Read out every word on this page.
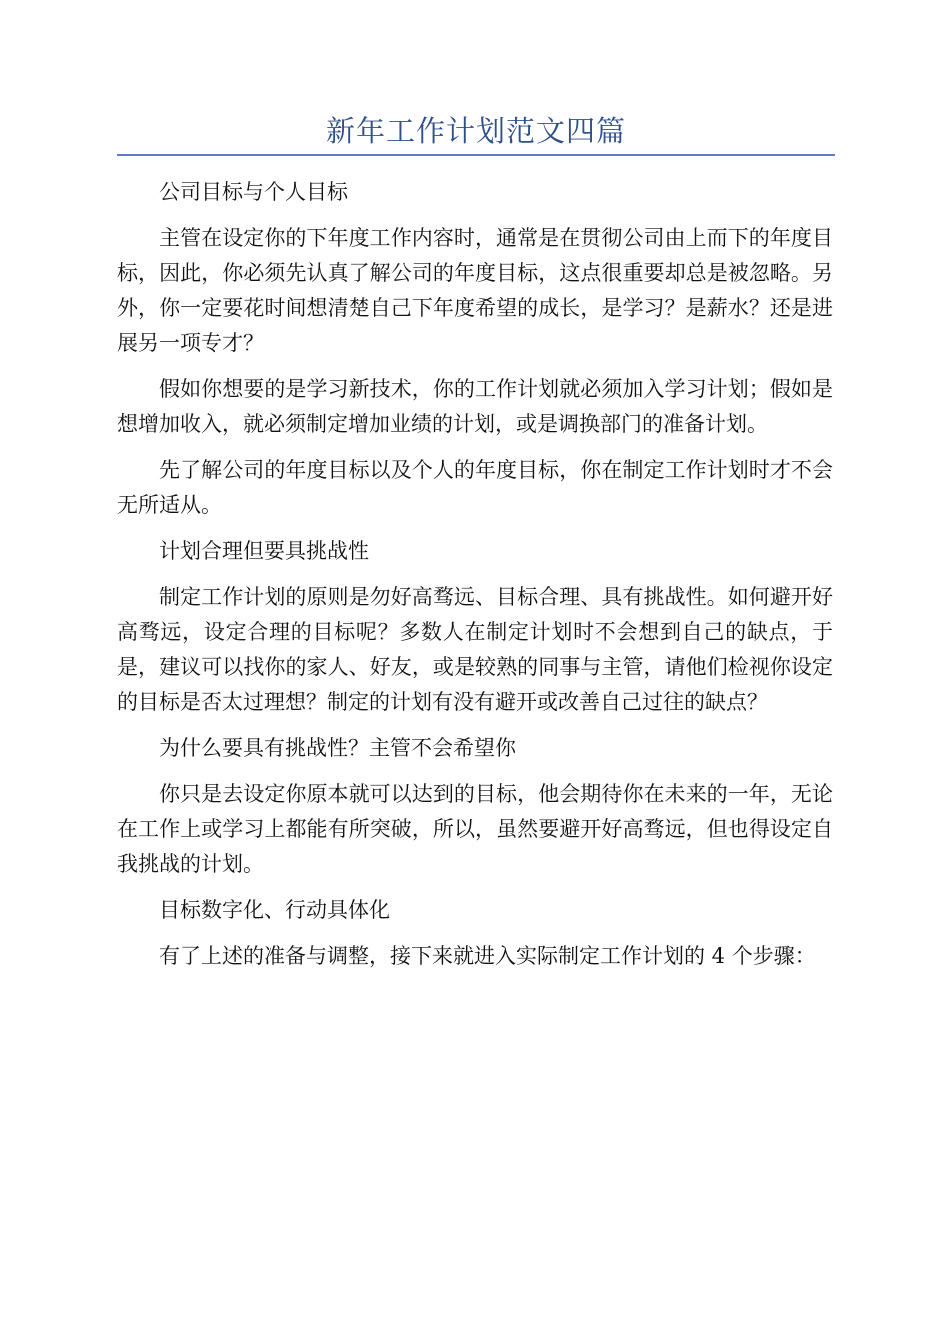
新年工作计划范文四篇

公司目标与个人目标

主管在设定你的下年度工作内容时，通常是在贯彻公司由上而下的年度目标，因此，你必须先认真了解公司的年度目标，这点很重要却总是被忽略。另外，你一定要花时间想清楚自己下年度希望的成长，是学习？是薪水？还是进展另一项专才？

假如你想要的是学习新技术，你的工作计划就必须加入学习计划；假如是想增加收入，就必须制定增加业绩的计划，或是调换部门的准备计划。

先了解公司的年度目标以及个人的年度目标，你在制定工作计划时才不会无所适从。

计划合理但要具挑战性

制定工作计划的原则是勿好高骛远、目标合理、具有挑战性。如何避开好高骛远，设定合理的目标呢？多数人在制定计划时不会想到自己的缺点，于是，建议可以找你的家人、好友，或是较熟的同事与主管，请他们检视你设定的目标是否太过理想？制定的计划有没有避开或改善自己过往的缺点？

为什么要具有挑战性？主管不会希望你

你只是去设定你原本就可以达到的目标，他会期待你在未来的一年，无论在工作上或学习上都能有所突破，所以，虽然要避开好高骛远，但也得设定自我挑战的计划。

目标数字化、行动具体化

有了上述的准备与调整，接下来就进入实际制定工作计划的 4 个步骤：
